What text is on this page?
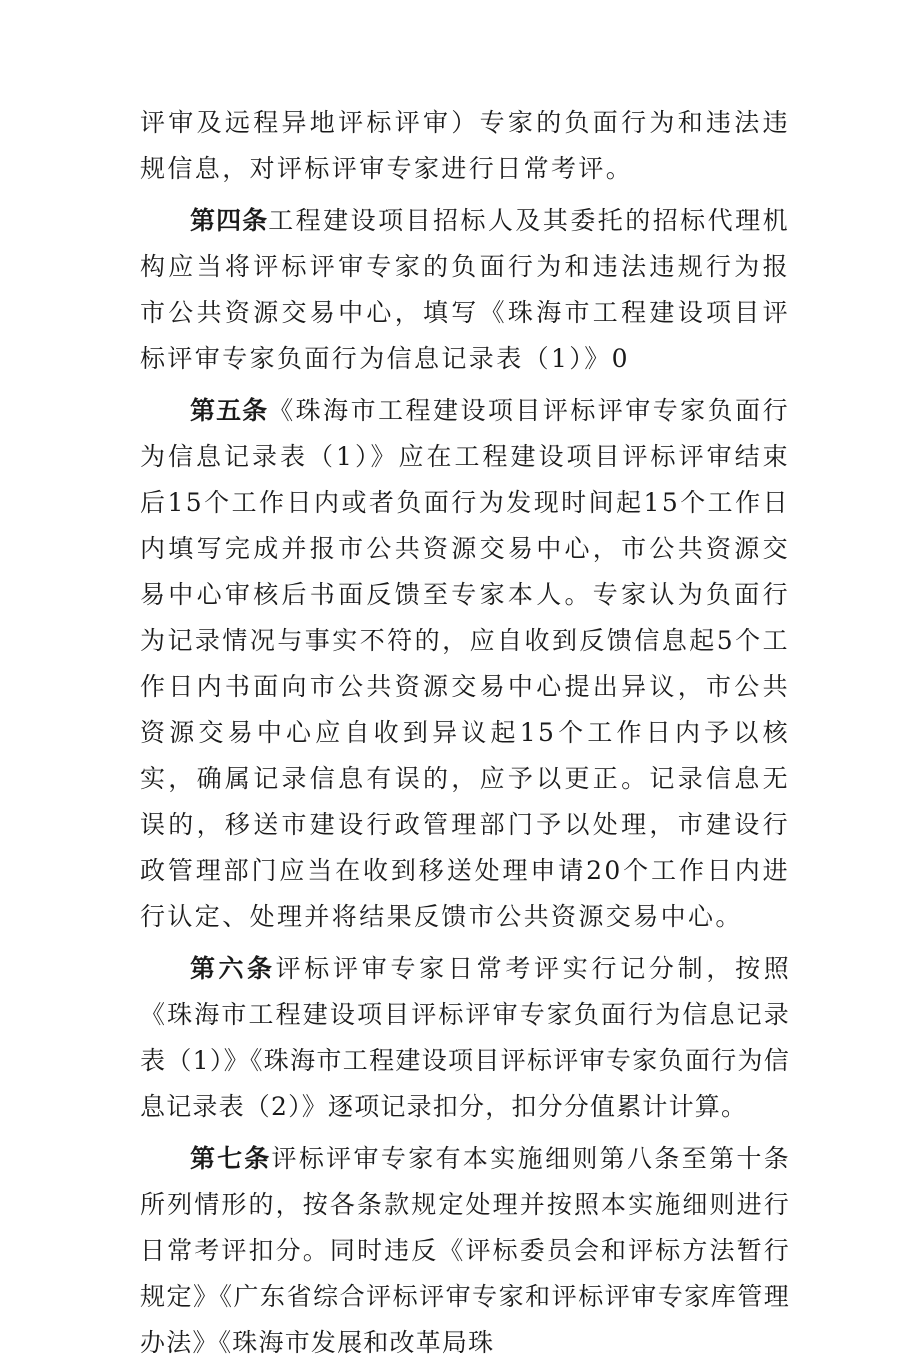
评审及远程异地评标评审）专家的负面行为和违法违规信息，对评标评审专家进行日常考评。

第四条工程建设项目招标人及其委托的招标代理机构应当将评标评审专家的负面行为和违法违规行为报市公共资源交易中心，填写《珠海市工程建设项目评标评审专家负面行为信息记录表（1）》0

第五条《珠海市工程建设项目评标评审专家负面行为信息记录表（1）》应在工程建设项目评标评审结束后15个工作日内或者负面行为发现时间起15个工作日内填写完成并报市公共资源交易中心，市公共资源交易中心审核后书面反馈至专家本人。专家认为负面行为记录情况与事实不符的，应自收到反馈信息起5个工作日内书面向市公共资源交易中心提出异议，市公共资源交易中心应自收到异议起15个工作日内予以核实，确属记录信息有误的，应予以更正。记录信息无误的，移送市建设行政管理部门予以处理，市建设行政管理部门应当在收到移送处理申请20个工作日内进行认定、处理并将结果反馈市公共资源交易中心。

第六条评标评审专家日常考评实行记分制，按照《珠海市工程建设项目评标评审专家负面行为信息记录表（1）》《珠海市工程建设项目评标评审专家负面行为信息记录表（2）》逐项记录扣分，扣分分值累计计算。

第七条评标评审专家有本实施细则第八条至第十条所列情形的，按各条款规定处理并按照本实施细则进行日常考评扣分。同时违反《评标委员会和评标方法暂行规定》《广东省综合评标评审专家和评标评审专家库管理办法》《珠海市发展和改革局珠
